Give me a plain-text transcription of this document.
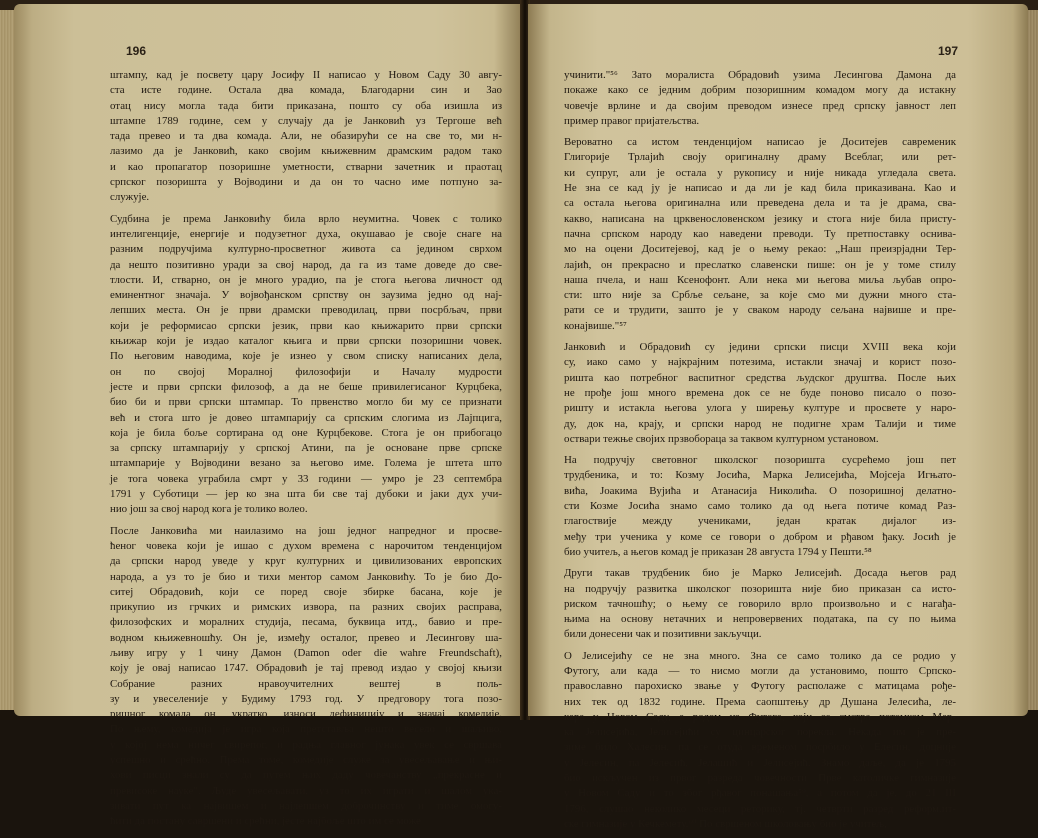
196
штампу, кад је посвету цару Јосифу II написао у Новом Саду 30 авгу-
ста исте године. Остала два комада, Благодарни син и Зао
отац нису могла тада бити приказана, пошто су оба изишла из
штампе 1789 године, сем у случају да је Јанковић уз Тергоше већ
тада превео и та два комада. Али, не обазирући се на све то, ми н-
лазимо да је Јанковић, како својим књижевним драмским радом тако
и као пропагатор позоришне уметности, стварни зачетник и праотац
српског позоришта у Војводини и да он то часно име потпуно за-
служује.
Судбина је према Јанковићу била врло неумитна. Човек с толико
интелигенције, енергије и подузетног духа, окушавао је своје снаге на
разним подручјима културно-просветног живота са једином сврхом
да нешто позитивно уради за свој народ, да га из таме доведе до све-
тлости. И, стварно, он је много урадио, па је стога његова личност од
еминентног значаја. У војвођанском српству он заузима једно од нај-
лепших места. Он је први драмски преводилац, први посрбљач, први
који је реформисао српски језик, први као књижарито први српски
књижар који је издао каталог књига и први српски позоришни човек.
По његовим наводима, које је изнео у свом списку написаних дела,
он по својој Моралној филозофији и Началу мудрости
јесте и први српски филозоф, а да не беше привилегисаног Курцбека,
био би и први српски штампар. То првенство могло би му се признати
већ и стога што је довео штампарију са српским слогима из Лајпцига,
која је била боље сортирана од оне Курцбекове. Стога је он прибогацо
за српску штампарију у српској Атини, па је основане прве српске
штампарије у Војводини везано за његово име. Голема је штета што
је тога човека уграбила смрт у 33 години — умро је 23 септембра
1791 у Суботици — јер ко зна шта би све тај дубоки и јаки дух учи-
нио још за свој народ кога је толико волео.
После Јанковића ми наилазимо на још једног напредног и просве-
ћеног човека који је ишао с духом времена с нарочитом тенденцијом
да српски народ уведе у круг културних и цивилизованих европских
народа, а уз то је био и тихи ментор самом Јанковићу. То је био До-
ситеј Обрадовић, који се поред своје збирке басана, које је
прикупио из грчких и римских извора, па разних својих расправа,
филозофских и моралних студија, песама, буквица итд., бавио и пре-
водном књижевношћу. Он је, између осталог, превео и Лесингову ша-
љиву игру у 1 чину Дамон (Damon oder die wahre Freundschaft),
коју је овај написао 1747. Обрадовић је тај превод издао у својој књизи
Собрание разних нравоучителних вештеј в поль-
зу и увеселеније у Будиму 1793 год. У предговору тога позо-
ришног комада он, укратко, износи дефиницију и значај комедије.
По њему, комедија је игра која претставља нешто весело и шаљиво,
у којој нема ничег свирепог, и радња главног јунака увек се свршава
успешно и срећно. Према томе, комедије служе за увесељавање и њи-
хови писци знали су да путем њих даду човечанству „прекрасне и
превисоке науке". Људе увесељавати, уз то их играти и шалом ука-
зивати пут ка највишем и најлепшем доброчинству и тиме омогу-
ћити да постану савршени и срећни, јесте најбоље што им се може
197
учинити."⁵⁶ Зато моралиста Обрадовић узима Лесингова Дамона да
покаже како се једним добрим позоришним комадом могу да истакну
човечје врлине и да својим преводом изнесе пред српску јавност леп
пример правог пријатељства.
Вероватно са истом тенденцијом написао је Доситејев савременик
Глигорије Трлајић своју оригиналну драму Всеблаг, или рет-
ки супруг, али је остала у рукопису и није никада угледала света.
Не зна се кад ју је написао и да ли је кад била приказивана. Као и
са остала његова оригинална или преведена дела и та је драма, сва-
какво, написана на црквенословенском језику и стога није била присту-
пачна српском народу као наведени преводи. Ту претпоставку оснива-
мо на оцени Доситејевој, кад је о њему рекао: „Наш преизрјадни Тер-
лајић, он прекрасно и преслатко славенски пише: он је у томе стилу
наша пчела, и наш Ксенофонт. Али нека ми његова миља љубав опро-
сти: што није за Србље сељане, за које смо ми дужни много ста-
рати се и трудити, зашто је у сваком народу сељана највише и пре-
конајвише."⁵⁷
Јанковић и Обрадовић су једини српски писци XVIII века који
су, иако само у најкрајним потезима, истакли значај и корист позо-
ришта као потребног васпитног средства људског друштва. После њих
не прође још много времена док се не буде поново писало о позо-
ришту и истакла његова улога у ширењу културе и просвете у наро-
ду, док на, крају, и српски народ не подигне храм Талији и тиме
оствари тежње својих прзвобораца за таквом културном установом.
На подручју световног школског позоришта сусрећемо још пет
трудбеника, и то: Козму Јосића, Марка Јелисејића, Мојсеја Игњато-
вића, Јоакима Вујића и Атанасија Николића. О позоришној делатно-
сти Козме Јосића знамо само толико да од њега потиче комад Раз-
глагоствије между учениками, један кратак дијалог из-
међу три ученика у коме се говори о добром и рђавом ђаку. Јосић је
био учитељ, а његов комад је приказан 28 августа 1794 у Пешти.⁵⁸
Други такав трудбеник био је Марко Јелисејић. Досада његов рад
на подручју развитка школског позоришта није био приказан са исто-
риском тачношћу; о њему се говорило врло произвољно и с нагађа-
њима на основу нетачних и непровервених података, па су по њима
били донесени чак и позитивни закључци.
О Јелисејићу се не зна много. Зна се само толико да се родио у
Футогу, али када — то нисмо могли да установимо, пошто Српско-
православно парохиско звање у Футогу располаже с матицама рође-
них тек од 1832 године. Према саопштењу др Душана Јелесића, ле-
кара у Новом Саду, а родом из Футога, који се сматра потомком Мар-
ка Јелисејића, Јелисејићи су цинцарског порекла. Некада им је пре-
зиме било Халесин, па се отуда временом посрбило у Елесин, доцније
у Јелесин, па Јелесић, Јелашић и Јелисејић. Знамо даље, да је 1795
био искључен из првог разреда човечности Прве католичке гимназије
у Новом Саду и то због рђавог понашања⁵⁹, а потом да је, до 21 III
1796, слушао неколико месеци реторику, тј. четврти разред реформ.ит-
ске гимназије у Кечкемету.⁶⁰ По свршеном школовању био је учитељ,
